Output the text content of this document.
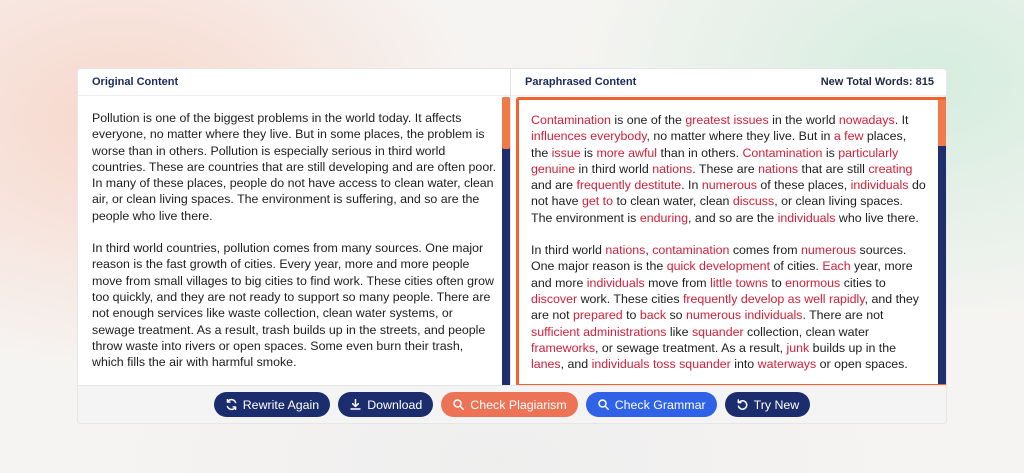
Original Content

Pollution is one of the biggest problems in the world today. It affects everyone, no matter where they live. But in some places, the problem is worse than in others. Pollution is especially serious in third world countries. These are countries that are still developing and are often poor. In many of these places, people do not have access to clean water, clean air, or clean living spaces. The environment is suffering, and so are the people who live there.

In third world countries, pollution comes from many sources. One major reason is the fast growth of cities. Every year, more and more people move from small villages to big cities to find work. These cities often grow too quickly, and they are not ready to support so many people. There are not enough services like waste collection, clean water systems, or sewage treatment. As a result, trash builds up in the streets, and people throw waste into rivers or open spaces. Some even burn their trash, which fills the air with harmful smoke.

Paraphrased Content	New Total Words: 815

Contamination is one of the greatest issues in the world nowadays. It influences everybody, no matter where they live. But in a few places, the issue is more awful than in others. Contamination is particularly genuine in third world nations. These are nations that are still creating and are frequently destitute. In numerous of these places, individuals do not have get to to clean water, clean discuss, or clean living spaces. The environment is enduring, and so are the individuals who live there.

In third world nations, contamination comes from numerous sources. One major reason is the quick development of cities. Each year, more and more individuals move from little towns to enormous cities to discover work. These cities frequently develop as well rapidly, and they are not prepared to back so numerous individuals. There are not sufficient administrations like squander collection, clean water frameworks, or sewage treatment. As a result, junk builds up in the lanes, and individuals toss squander into waterways or open spaces.

Rewrite Again	Download	Check Plagiarism	Check Grammar	Try New
